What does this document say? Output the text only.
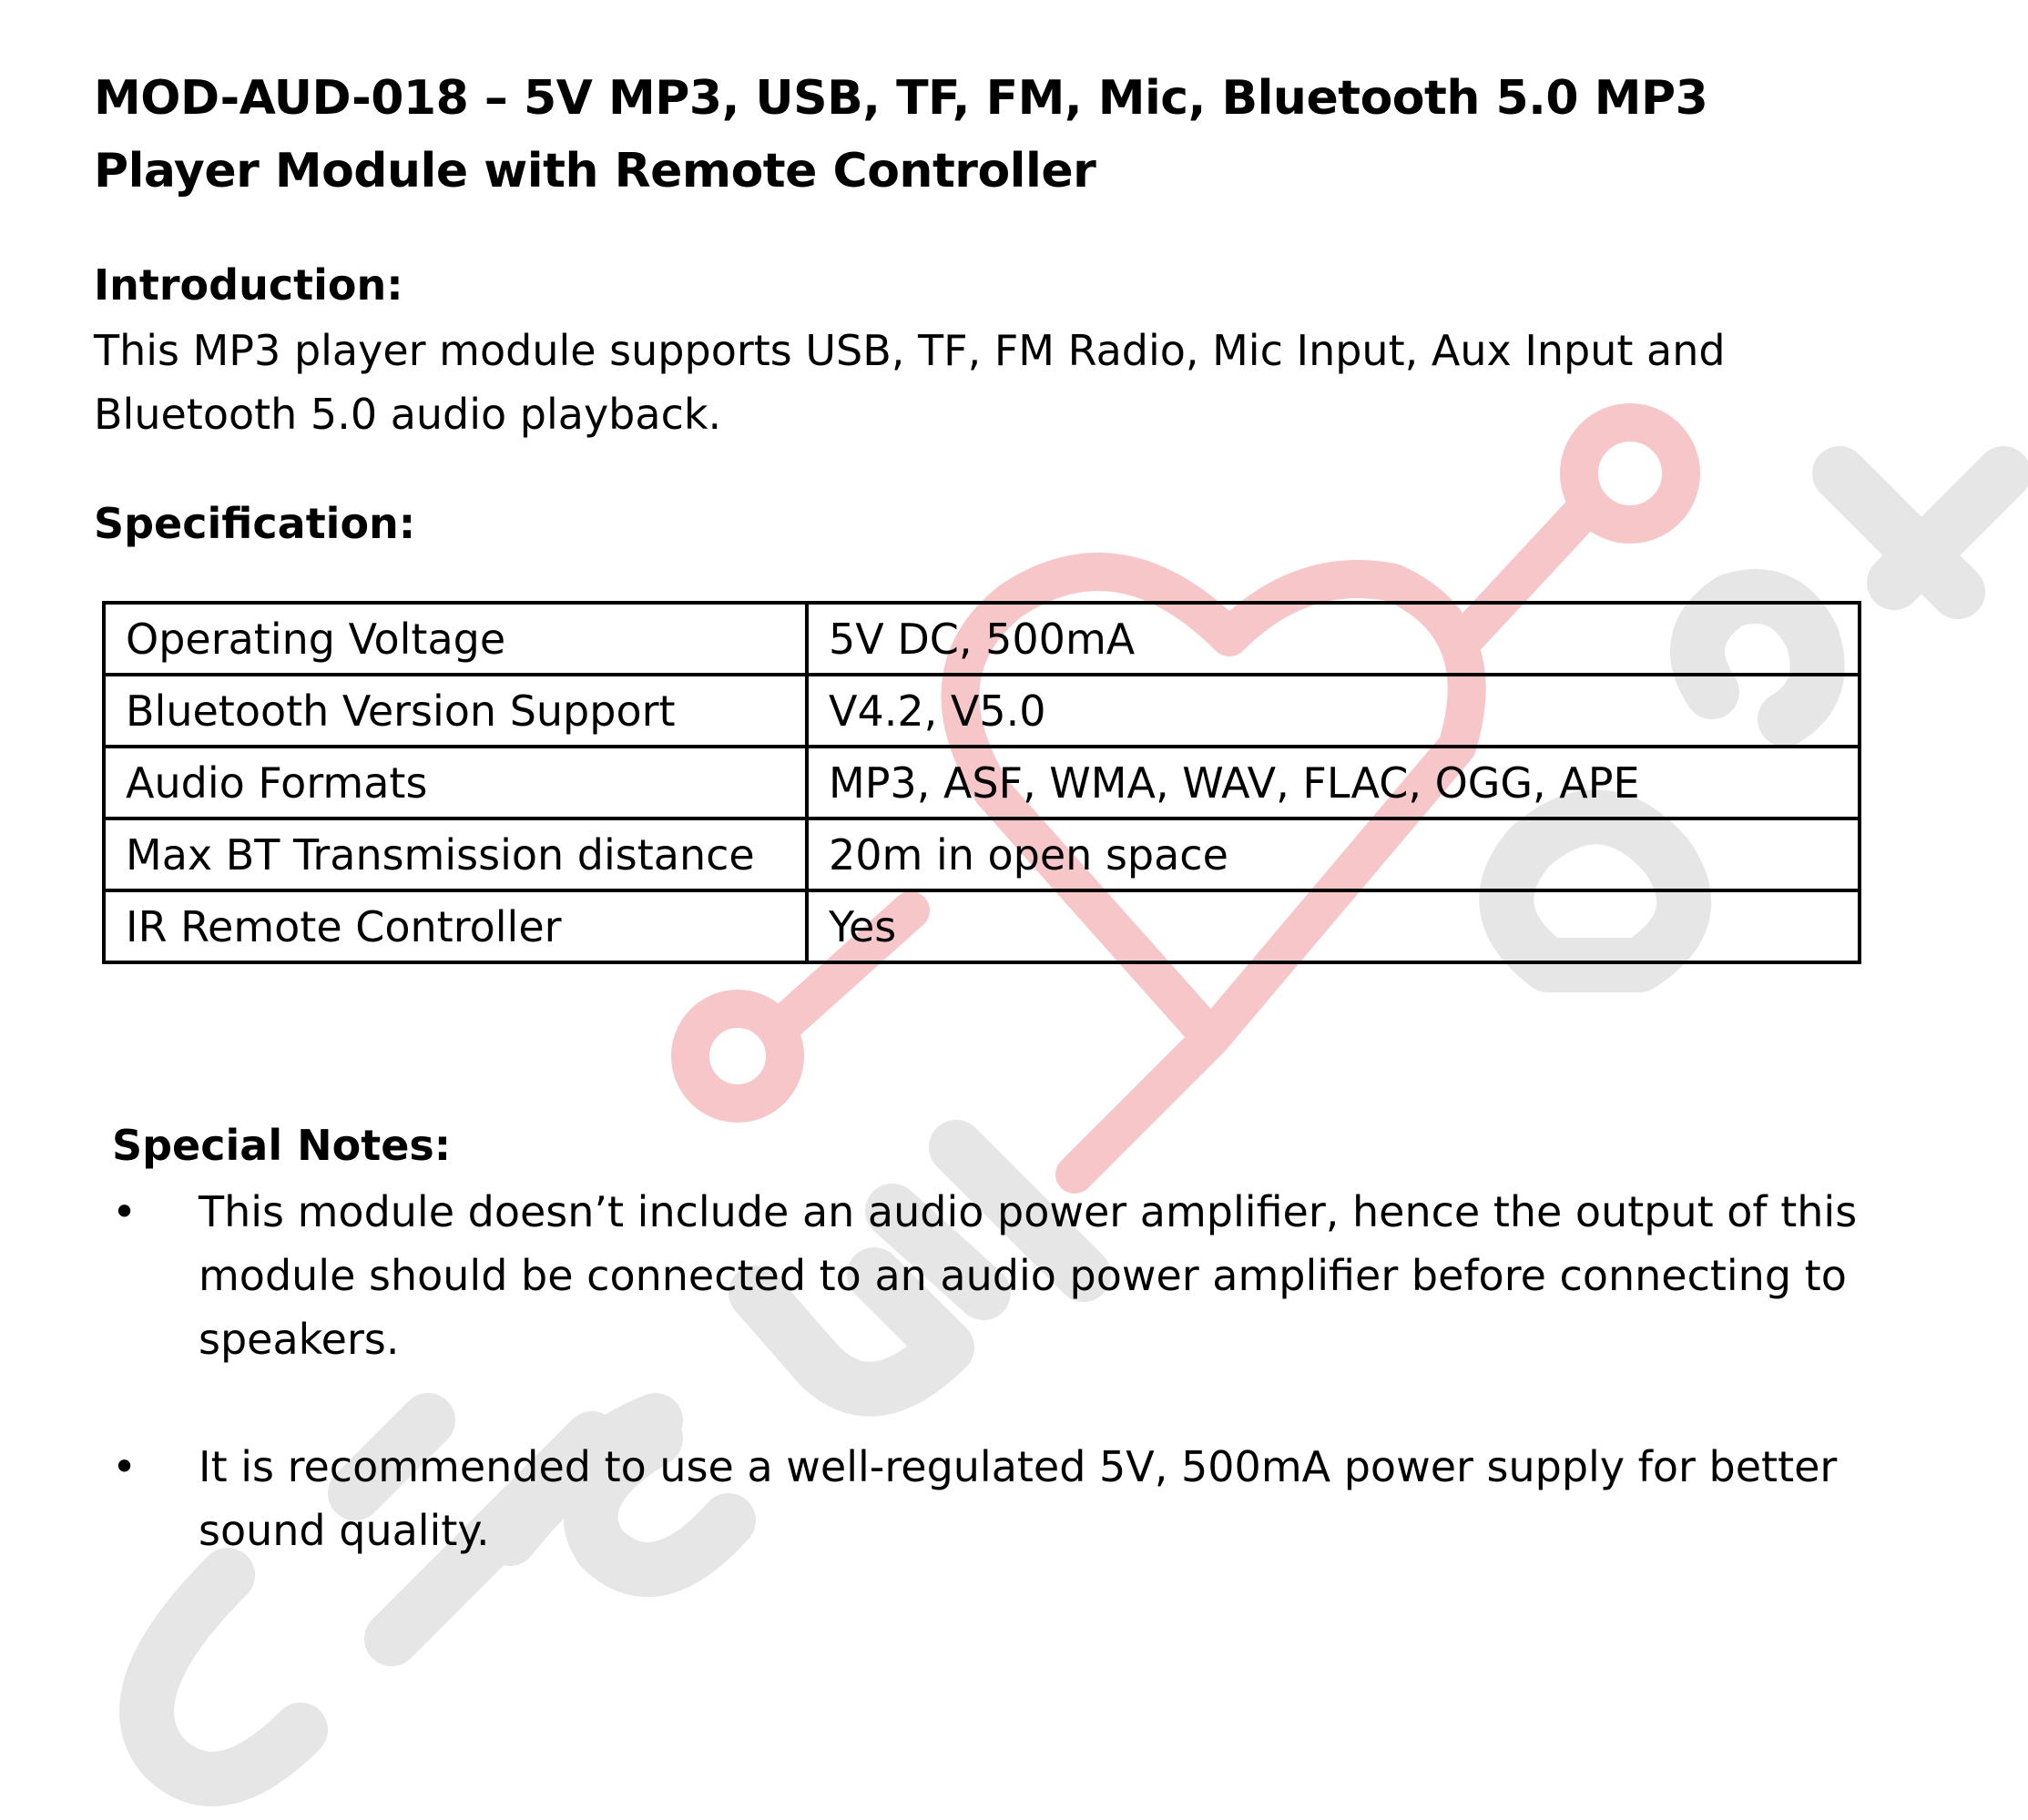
MOD-AUD-018 – 5V MP3, USB, TF, FM, Mic, Bluetooth 5.0 MP3
Player Module with Remote Controller
Introduction:

This MP3 player module supports USB, TF, FM Radio, Mic Input, Aux Input and
Bluetooth 5.0 audio playback.

Specification:
Operating Voltage	5V DC, 500mA
Bluetooth Version Support	V4.2, V5.0
Audio Formats	MP3, ASF, WMA, WAV, FLAC, OGG, APE
Max BT Transmission distance	20m in open space
IR Remote Controller	Yes
Special Notes:
• This module doesn’t include an audio power amplifier, hence the output of this
module should be connected to an audio power amplifier before connecting to
speakers.
• It is recommended to use a well-regulated 5V, 500mA power supply for better
sound quality.
